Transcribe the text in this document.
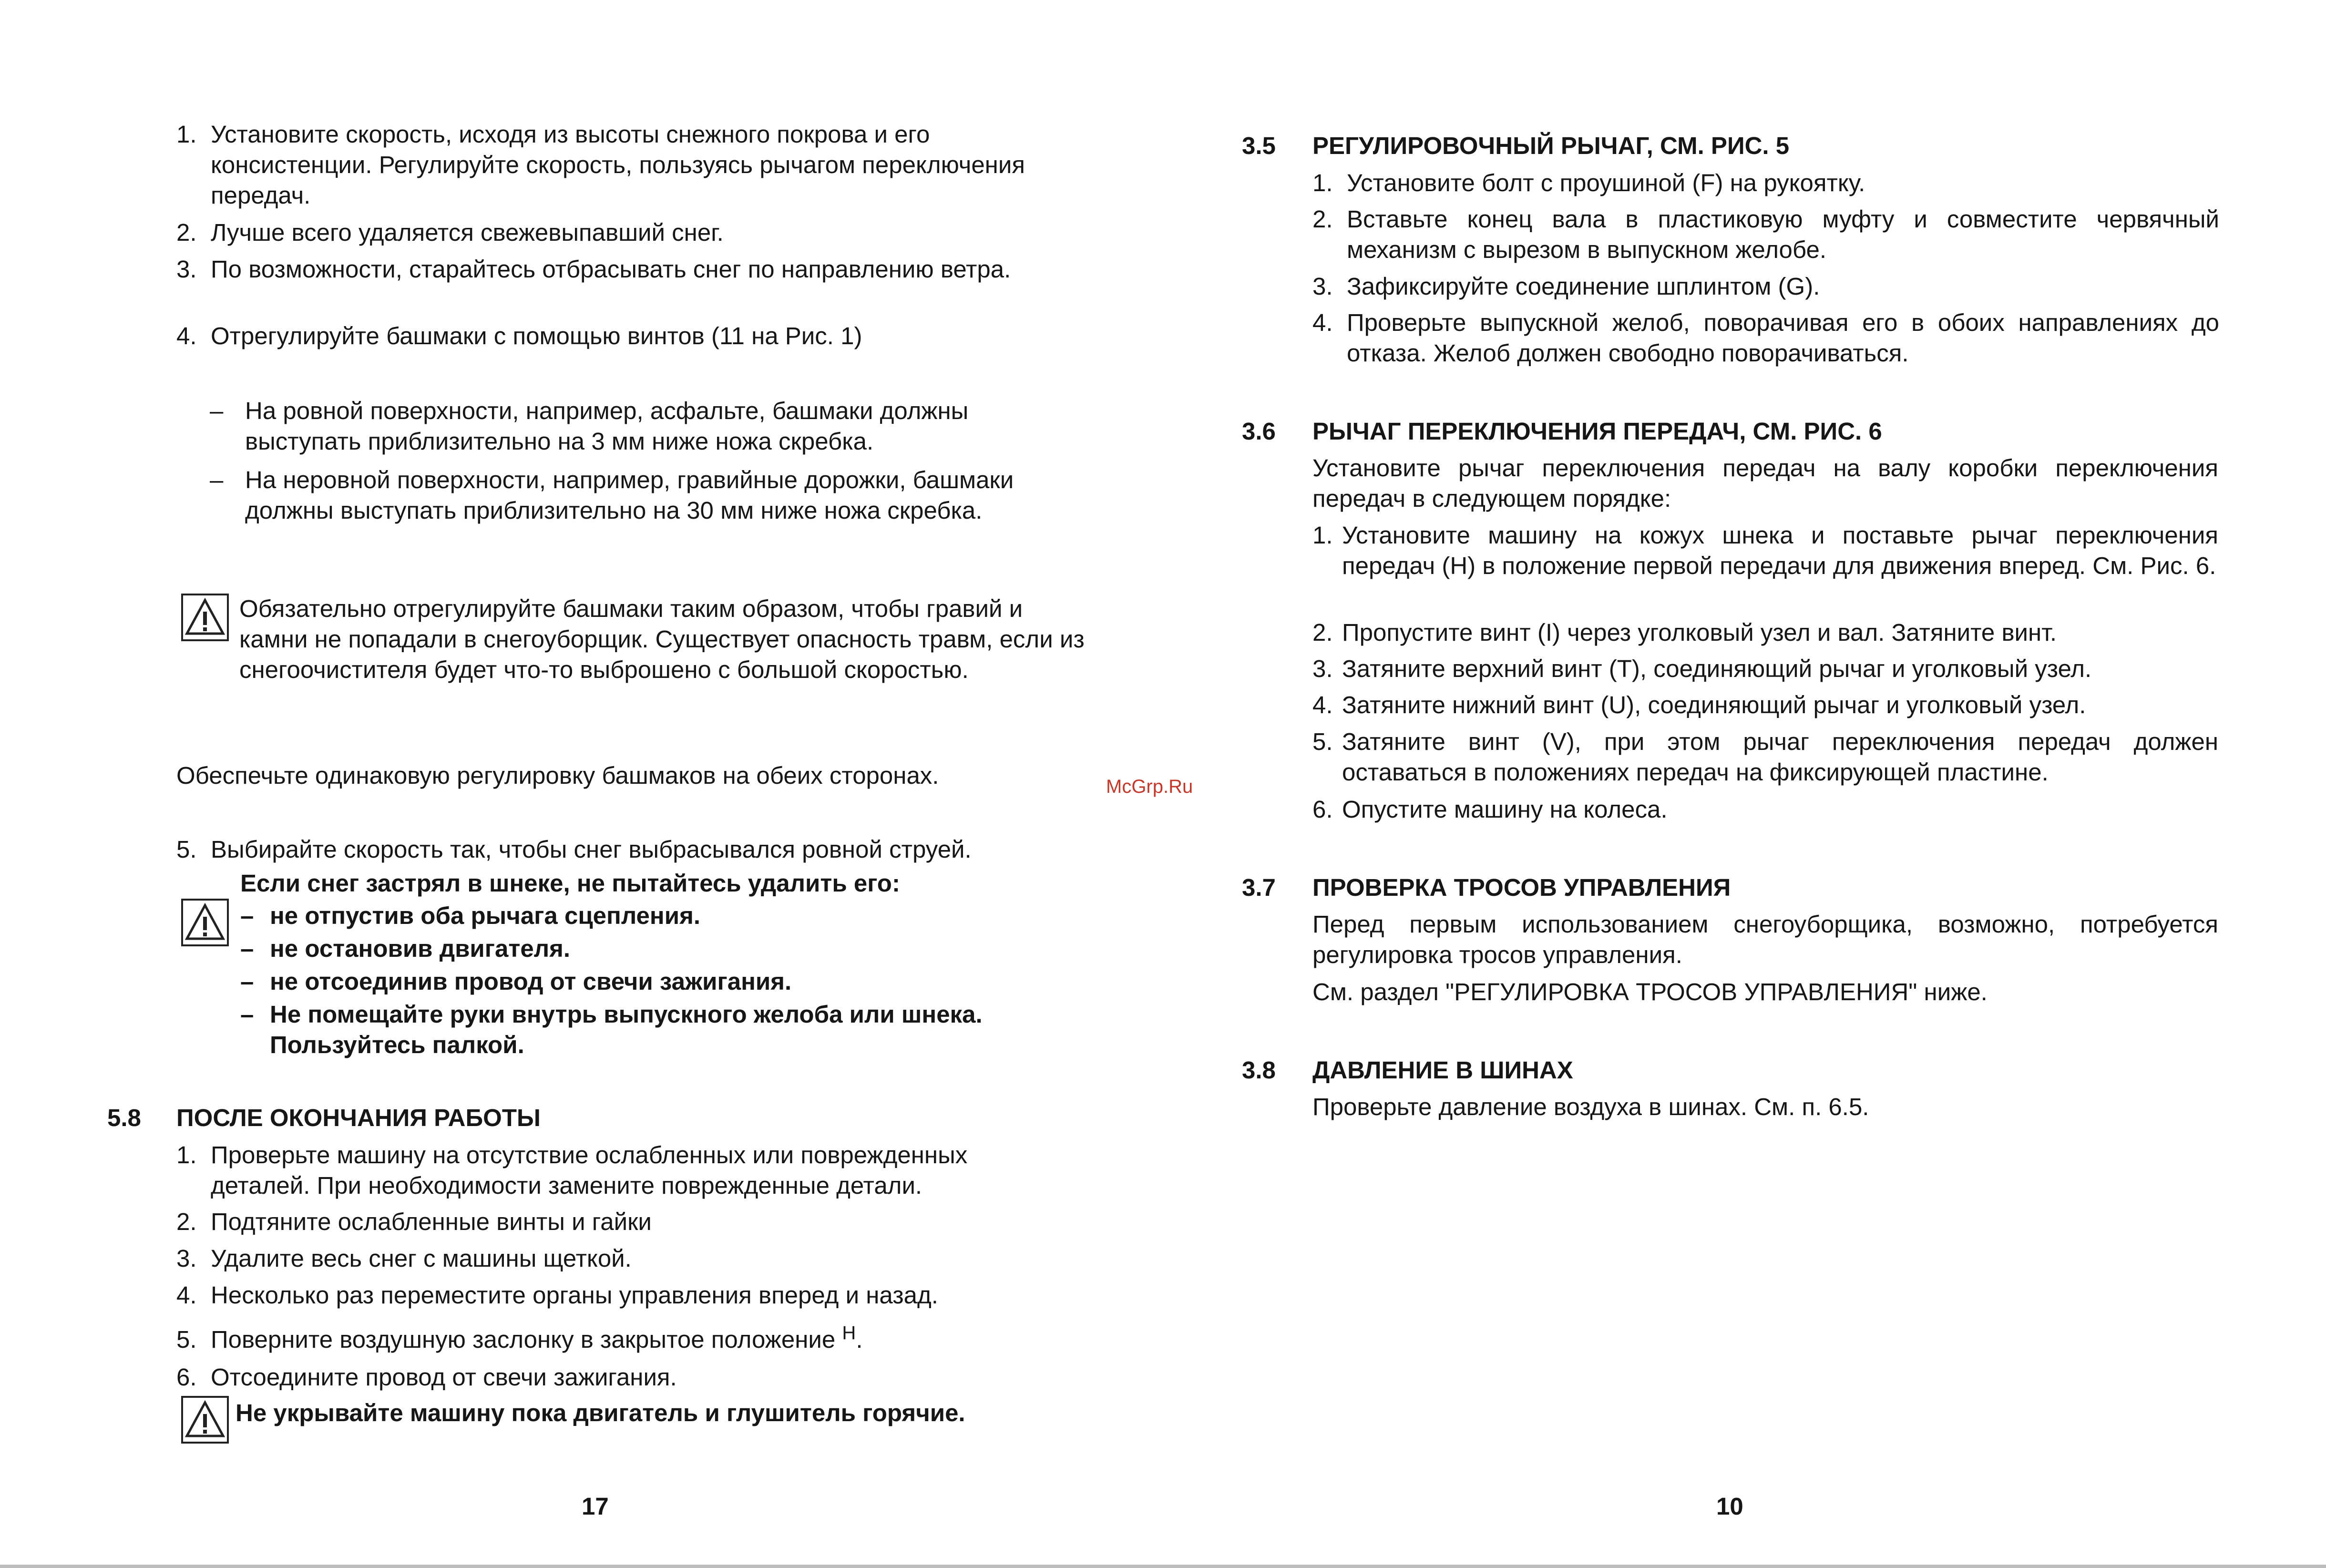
1. Установите скорость, исходя из высоты снежного покрова и его консистенции. Регулируйте скорость, пользуясь рычагом переключения передач.
2. Лучше всего удаляется свежевыпавший снег.
3. По возможности, старайтесь отбрасывать снег по направлению ветра.
4. Отрегулируйте башмаки с помощью винтов (11 на Рис. 1)
– На ровной поверхности, например, асфальте, башмаки должны выступать приблизительно на 3 мм ниже ножа скребка.
– На неровной поверхности, например, гравийные дорожки, башмаки должны выступать приблизительно на 30 мм ниже ножа скребка.
Обязательно отрегулируйте башмаки таким образом, чтобы гравий и камни не попадали в снегоуборщик. Существует опасность травм, если из снегоочистителя будет что-то выброшено с большой скоростью.
Обеспечьте одинаковую регулировку башмаков на обеих сторонах.
5. Выбирайте скорость так, чтобы снег выбрасывался ровной струей.
Если снег застрял в шнеке, не пытайтесь удалить его:
– не отпустив оба рычага сцепления.
– не остановив двигателя.
– не отсоединив провод от свечи зажигания.
– Не помещайте руки внутрь выпускного желоба или шнека. Пользуйтесь палкой.
5.8 ПОСЛЕ ОКОНЧАНИЯ РАБОТЫ
1. Проверьте машину на отсутствие ослабленных или поврежденных деталей. При необходимости замените поврежденные детали.
2. Подтяните ослабленные винты и гайки
3. Удалите весь снег с машины щеткой.
4. Несколько раз переместите органы управления вперед и назад.
5. Поверните воздушную заслонку в закрытое положение $^H$.
6. Отсоедините провод от свечи зажигания.
Не укрывайте машину пока двигатель и глушитель горячие.
17
McGrp.Ru
3.5 РЕГУЛИРОВОЧНЫЙ РЫЧАГ, СМ. РИС. 5
1. Установите болт с проушиной (F) на рукоятку.
2. Вставьте конец вала в пластиковую муфту и совместите червячный механизм с вырезом в выпускном желобе.
3. Зафиксируйте соединение шплинтом (G).
4. Проверьте выпускной желоб, поворачивая его в обоих направлениях до отказа. Желоб должен свободно поворачиваться.
3.6 РЫЧАГ ПЕРЕКЛЮЧЕНИЯ ПЕРЕДАЧ, СМ. РИС. 6
Установите рычаг переключения передач на валу коробки переключения передач в следующем порядке:
1. Установите машину на кожух шнека и поставьте рычаг переключения передач (H) в положение первой передачи для движения вперед. См. Рис. 6.
2. Пропустите винт (I) через уголковый узел и вал. Затяните винт.
3. Затяните верхний винт (T), соединяющий рычаг и уголковый узел.
4. Затяните нижний винт (U), соединяющий рычаг и уголковый узел.
5. Затяните винт (V), при этом рычаг переключения передач должен оставаться в положениях передач на фиксирующей пластине.
6. Опустите машину на колеса.
3.7 ПРОВЕРКА ТРОСОВ УПРАВЛЕНИЯ
Перед первым использованием снегоуборщика, возможно, потребуется регулировка тросов управления.
См. раздел "РЕГУЛИРОВКА ТРОСОВ УПРАВЛЕНИЯ" ниже.
3.8 ДАВЛЕНИЕ В ШИНАХ
Проверьте давление воздуха в шинах. См. п. 6.5.
10
